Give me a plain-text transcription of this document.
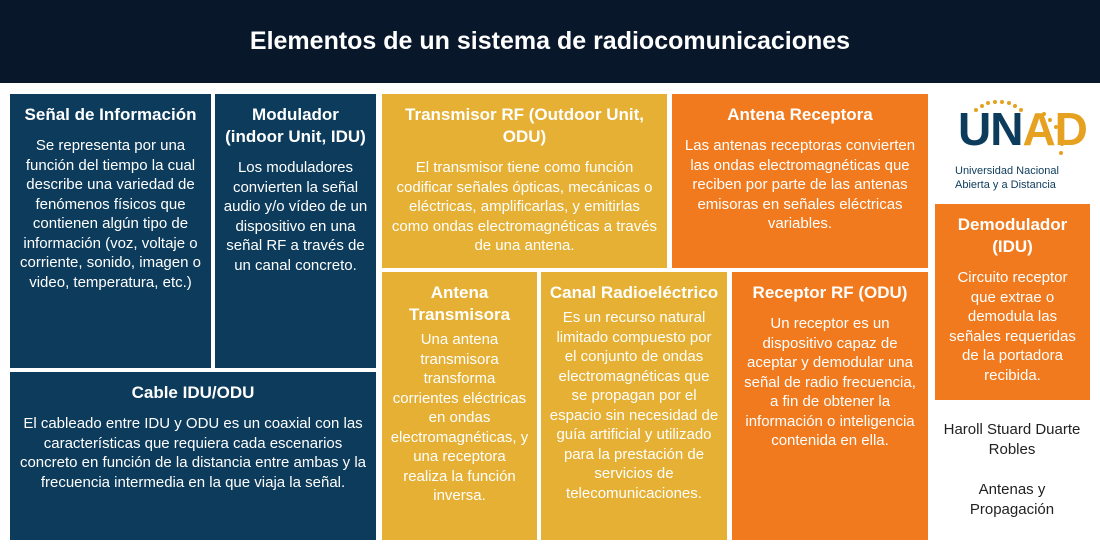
Elementos de un sistema de radiocomunicaciones
Señal de Información

Se representa por una función del tiempo la cual describe una variedad de fenómenos físicos que contienen algún tipo de información (voz, voltaje o corriente, sonido, imagen o video, temperatura, etc.)

Modulador (indoor Unit, IDU)

Los moduladores convierten la señal audio y/o vídeo de un dispositivo en una señal RF a través de un canal concreto.

Transmisor RF (Outdoor Unit, ODU)

El transmisor tiene como función codificar señales ópticas, mecánicas o eléctricas, amplificarlas, y emitirlas como ondas electromagnéticas a través de una antena.

Antena Receptora

Las antenas receptoras convierten las ondas electromagnéticas que reciben por parte de las antenas emisoras en señales eléctricas variables.

Cable IDU/ODU

El cableado entre IDU y ODU es un coaxial con las características que requiera cada escenarios concreto en función de la distancia entre ambas y la frecuencia intermedia en la que viaja la señal.

Antena Transmisora

Una antena transmisora transforma corrientes eléctricas en ondas electromagnéticas, y una receptora realiza la función inversa.

Canal Radioeléctrico

Es un recurso natural limitado compuesto por el conjunto de ondas electromagnéticas que se propagan por el espacio sin necesidad de guía artificial y utilizado para la prestación de servicios de telecomunicaciones.

Receptor RF (ODU)

Un receptor es un dispositivo capaz de aceptar y demodular una señal de radio frecuencia, a fin de obtener la información o inteligencia contenida en ella.

Demodulador (IDU)

Circuito receptor que extrae o demodula las señales requeridas de la portadora recibida.

UNAD
Universidad Nacional
Abierta y a Distancia
Haroll Stuard Duarte Robles
Antenas y Propagación
